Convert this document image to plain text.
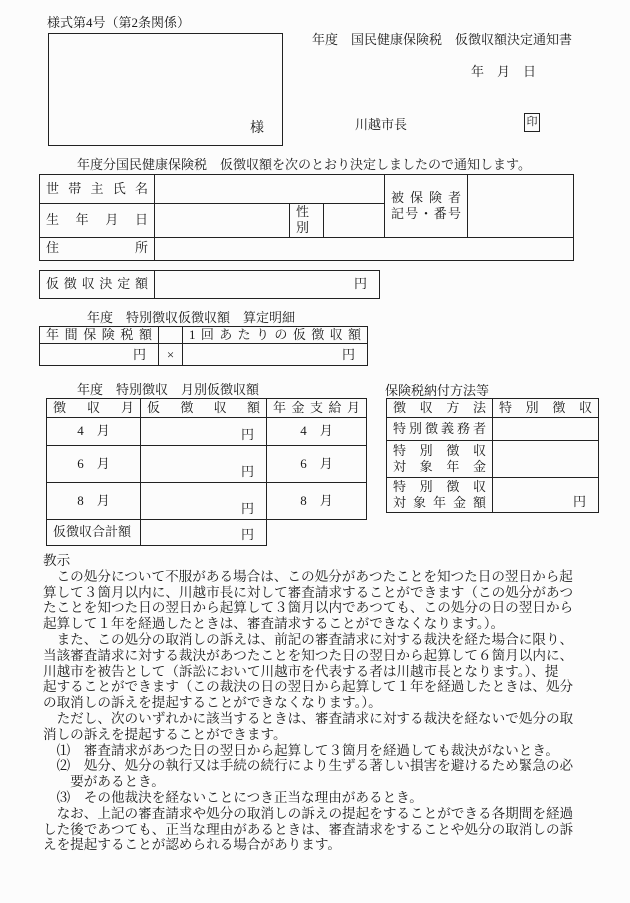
様式第4号（第2条関係）
様
年度　国民健康保険税　仮徴収額決定通知書
年　月　日
川越市長	印
年度分国民健康保険税　仮徴収額を次のとおり決定しましたので通知します。
世帯主氏名				被保険者
記号・番号	

生年月日		性別			
住所					
仮徴収決定額	円
年度　特別徴収仮徴収額　算定明細
年間保険税額		1回あたりの仮徴収額
円	×	円
年度　特別徴収　月別仮徴収額
徴収月	仮徴収額	年金支給月
4　月	円	4　月
6　月	円	6　月
8　月	円	8　月
仮徴収合計額	円	
保険税納付方法等
徴収方法	特別徴収
特別徴義務者	

特別徴収
対象年金	

特別徴収
対象年金額	円
教示
　この処分について不服がある場合は、この処分があつたことを知つた日の翌日から起
算して３箇月以内に、川越市長に対して審査請求することができます（この処分があつ
たことを知つた日の翌日から起算して３箇月以内であつても、この処分の日の翌日から
起算して１年を経過したときは、審査請求することができなくなります。）。
　また、この処分の取消しの訴えは、前記の審査請求に対する裁決を経た場合に限り、
当該審査請求に対する裁決があつたことを知つた日の翌日から起算して６箇月以内に、
川越市を被告として（訴訟において川越市を代表する者は川越市長となります。）、提
起することができます（この裁決の日の翌日から起算して１年を経過したときは、処分
の取消しの訴えを提起することができなくなります。）。
　ただし、次のいずれかに該当するときは、審査請求に対する裁決を経ないで処分の取
消しの訴えを提起することができます。
　⑴　審査請求があつた日の翌日から起算して３箇月を経過しても裁決がないとき。
　⑵　処分、処分の執行又は手続の続行により生ずる著しい損害を避けるため緊急の必
　　要があるとき。
　⑶　その他裁決を経ないことにつき正当な理由があるとき。
　なお、上記の審査請求や処分の取消しの訴えの提起をすることができる各期間を経過
した後であつても、正当な理由があるときは、審査請求をすることや処分の取消しの訴
えを提起することが認められる場合があります。
